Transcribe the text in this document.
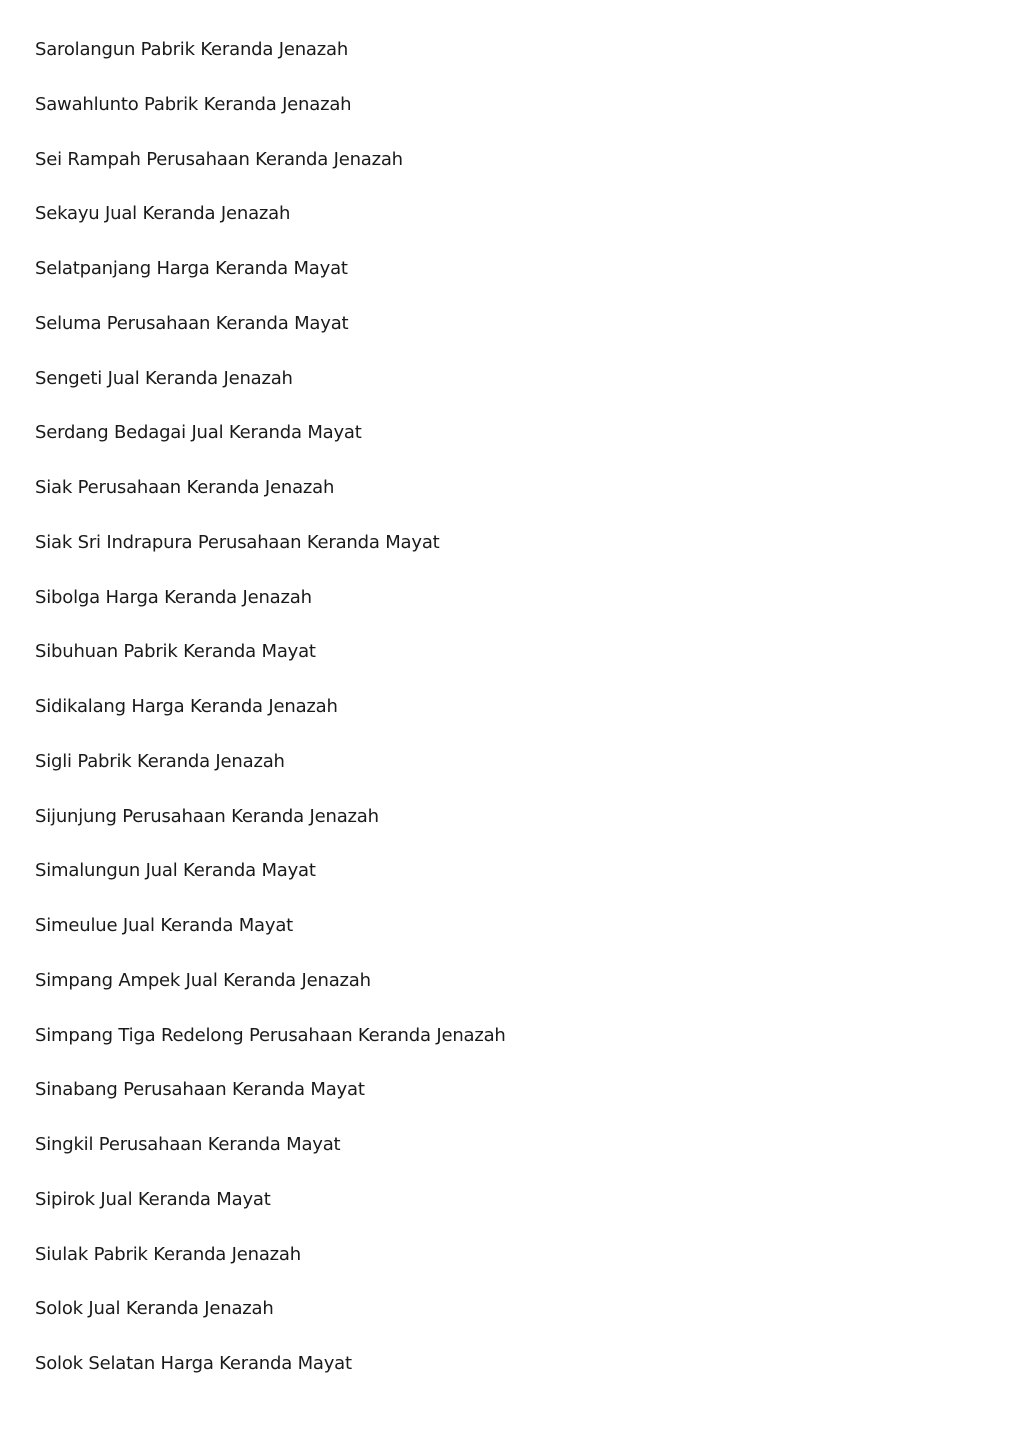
Sarolangun Pabrik Keranda Jenazah
Sawahlunto Pabrik Keranda Jenazah
Sei Rampah Perusahaan Keranda Jenazah
Sekayu Jual Keranda Jenazah
Selatpanjang Harga Keranda Mayat
Seluma Perusahaan Keranda Mayat
Sengeti Jual Keranda Jenazah
Serdang Bedagai Jual Keranda Mayat
Siak Perusahaan Keranda Jenazah
Siak Sri Indrapura Perusahaan Keranda Mayat
Sibolga Harga Keranda Jenazah
Sibuhuan Pabrik Keranda Mayat
Sidikalang Harga Keranda Jenazah
Sigli Pabrik Keranda Jenazah
Sijunjung Perusahaan Keranda Jenazah
Simalungun Jual Keranda Mayat
Simeulue Jual Keranda Mayat
Simpang Ampek Jual Keranda Jenazah
Simpang Tiga Redelong Perusahaan Keranda Jenazah
Sinabang Perusahaan Keranda Mayat
Singkil Perusahaan Keranda Mayat
Sipirok Jual Keranda Mayat
Siulak Pabrik Keranda Jenazah
Solok Jual Keranda Jenazah
Solok Selatan Harga Keranda Mayat
